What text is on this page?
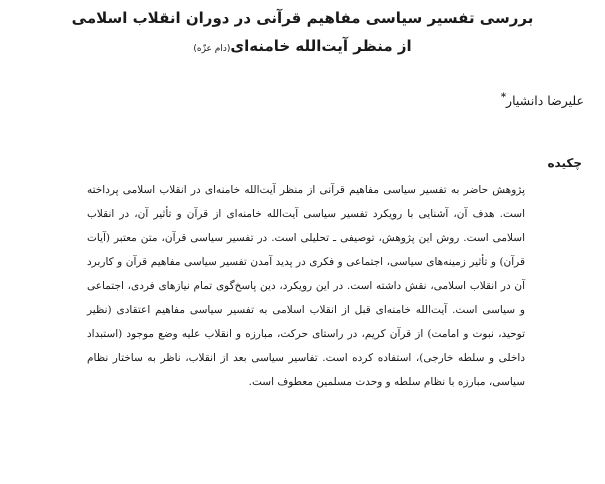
بررسی تفسیر سیاسی مفاهیم قرآنی در دوران انقلاب اسلامی

از منظر آیت‌الله خامنه‌ای(دام عزّه)

علیرضا دانشیار*
چکیده

پژوهش حاضر به تفسیر سیاسی مفاهیم قرآنی از منظر آیت‌الله خامنه‌ای در انقلاب اسلامی پرداخته است. هدف آن، آشنایی با رویکرد تفسیر سیاسی آیت‌الله خامنه‌ای از قرآن و تأثیر آن، در انقلاب اسلامی است. روش این پژوهش، توصیفی ـ تحلیلی است. در تفسیر سیاسی قرآن، متن معتبر (آیات قرآن) و تأثیر زمینه‌های سیاسی، اجتماعی و فکری در پدید آمدن تفسیر سیاسی مفاهیم قرآن و کاربرد آن در انقلاب اسلامی، نقش داشته است. در این رویکرد، دین پاسخ‌گوی تمام نیازهای فردی، اجتماعی و سیاسی است. آیت‌الله خامنه‌ای قبل از انقلاب اسلامی به تفسیر سیاسی مفاهیم اعتقادی (نظیر توحید، نبوت و امامت) از قرآن کریم، در راستای حرکت، مبارزه و انقلاب علیه وضع موجود (استبداد داخلی و سلطه خارجی)، استفاده کرده است. تفاسیر سیاسی بعد از انقلاب، ناظر به ساختار نظام سیاسی، مبارزه با نظام سلطه و وحدت مسلمین معطوف است.
